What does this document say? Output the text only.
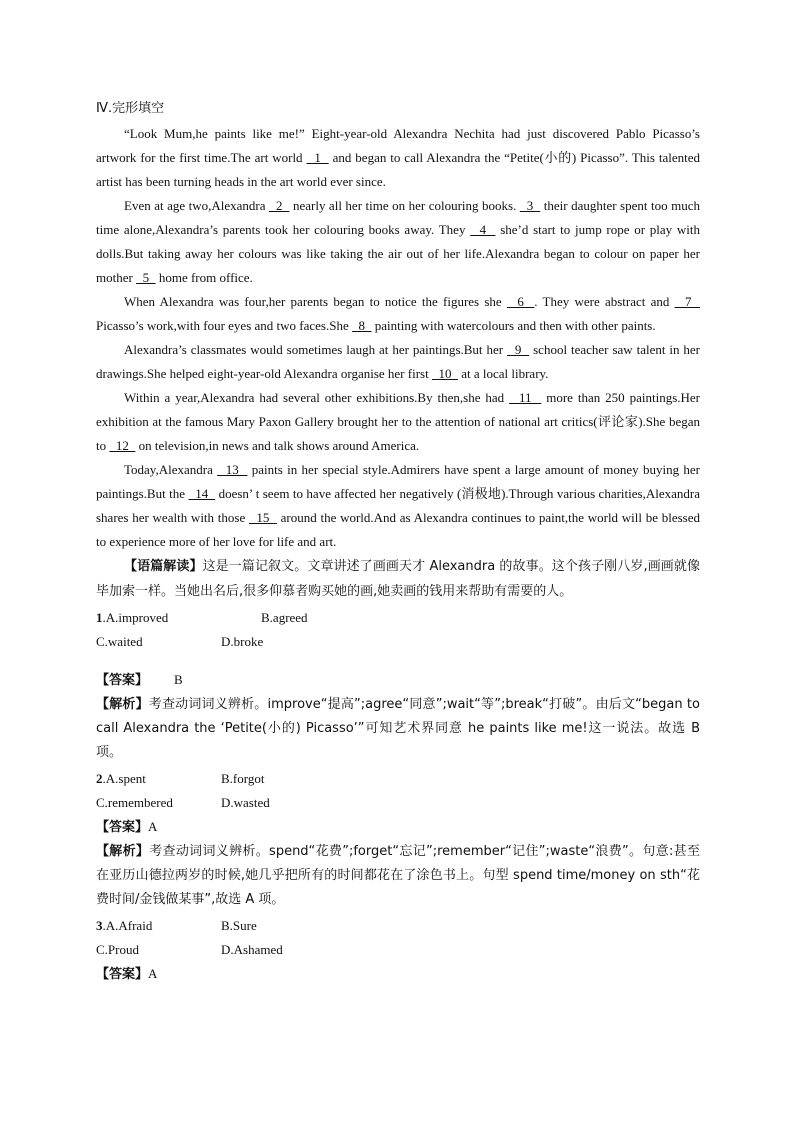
Ⅳ.完形填空

“Look Mum,he paints like me!” Eight-year-old Alexandra Nechita had just discovered Pablo Picasso’s artwork for the first time.The art world   1   and began to call Alexandra the “Petite(小的) Picasso”. This talented artist has been turning heads in the art world ever since.

Even at age two,Alexandra   2   nearly all her time on her colouring books.   3   their daughter spent too much time alone,Alexandra’s parents took her colouring books away. They   4   she’d start to jump rope or play with dolls.But taking away her colours was like taking the air out of her life.Alexandra began to colour on paper her mother   5   home from office.

When Alexandra was four,her parents began to notice the figures she   6  . They were abstract and   7   Picasso’s work,with four eyes and two faces.She   8   painting with watercolours and then with other paints.

Alexandra’s classmates would sometimes laugh at her paintings.But her   9   school teacher saw talent in her drawings.She helped eight-year-old Alexandra organise her first   10   at a local library.

Within a year,Alexandra had several other exhibitions.By then,she had   11   more than 250 paintings.Her exhibition at the famous Mary Paxon Gallery brought her to the attention of national art critics(评论家).She began to   12   on television,in news and talk shows around America.

Today,Alexandra   13   paints in her special style.Admirers have spent a large amount of money buying her paintings.But the   14   doesn’ t seem to have affected her negatively (消极地).Through various charities,Alexandra shares her wealth with those   15   around the world.And as Alexandra continues to paint,the world will be blessed to experience more of her love for life and art.

【语篇解读】这是一篇记叙文。文章讲述了画画天才 Alexandra 的故事。这个孩子刚八岁,画画就像毕加索一样。当她出名后,很多仰慕者购买她的画,她卖画的钱用来帮助有需要的人。
1.A.improved	B.agreed
C.waited	D.broke
【答案】 B
【解析】考查动词词义辨析。improve“提高”;agree“同意”;wait“等”;break“打破”。由后文“began to call Alexandra the ‘Petite(小的) Picasso’”可知艺术界同意 he paints like me!这一说法。故选 B 项。
2.A.spent	B.forgot
C.remembered	D.wasted
【答案】A
【解析】考查动词词义辨析。spend“花费”;forget“忘记”;remember“记住”;waste“浪费”。句意:甚至在亚历山德拉两岁的时候,她几乎把所有的时间都花在了涂色书上。句型 spend time/money on sth“花费时间/金钱做某事”,故选 A 项。
3.A.Afraid	B.Sure
C.Proud	D.Ashamed
【答案】A
